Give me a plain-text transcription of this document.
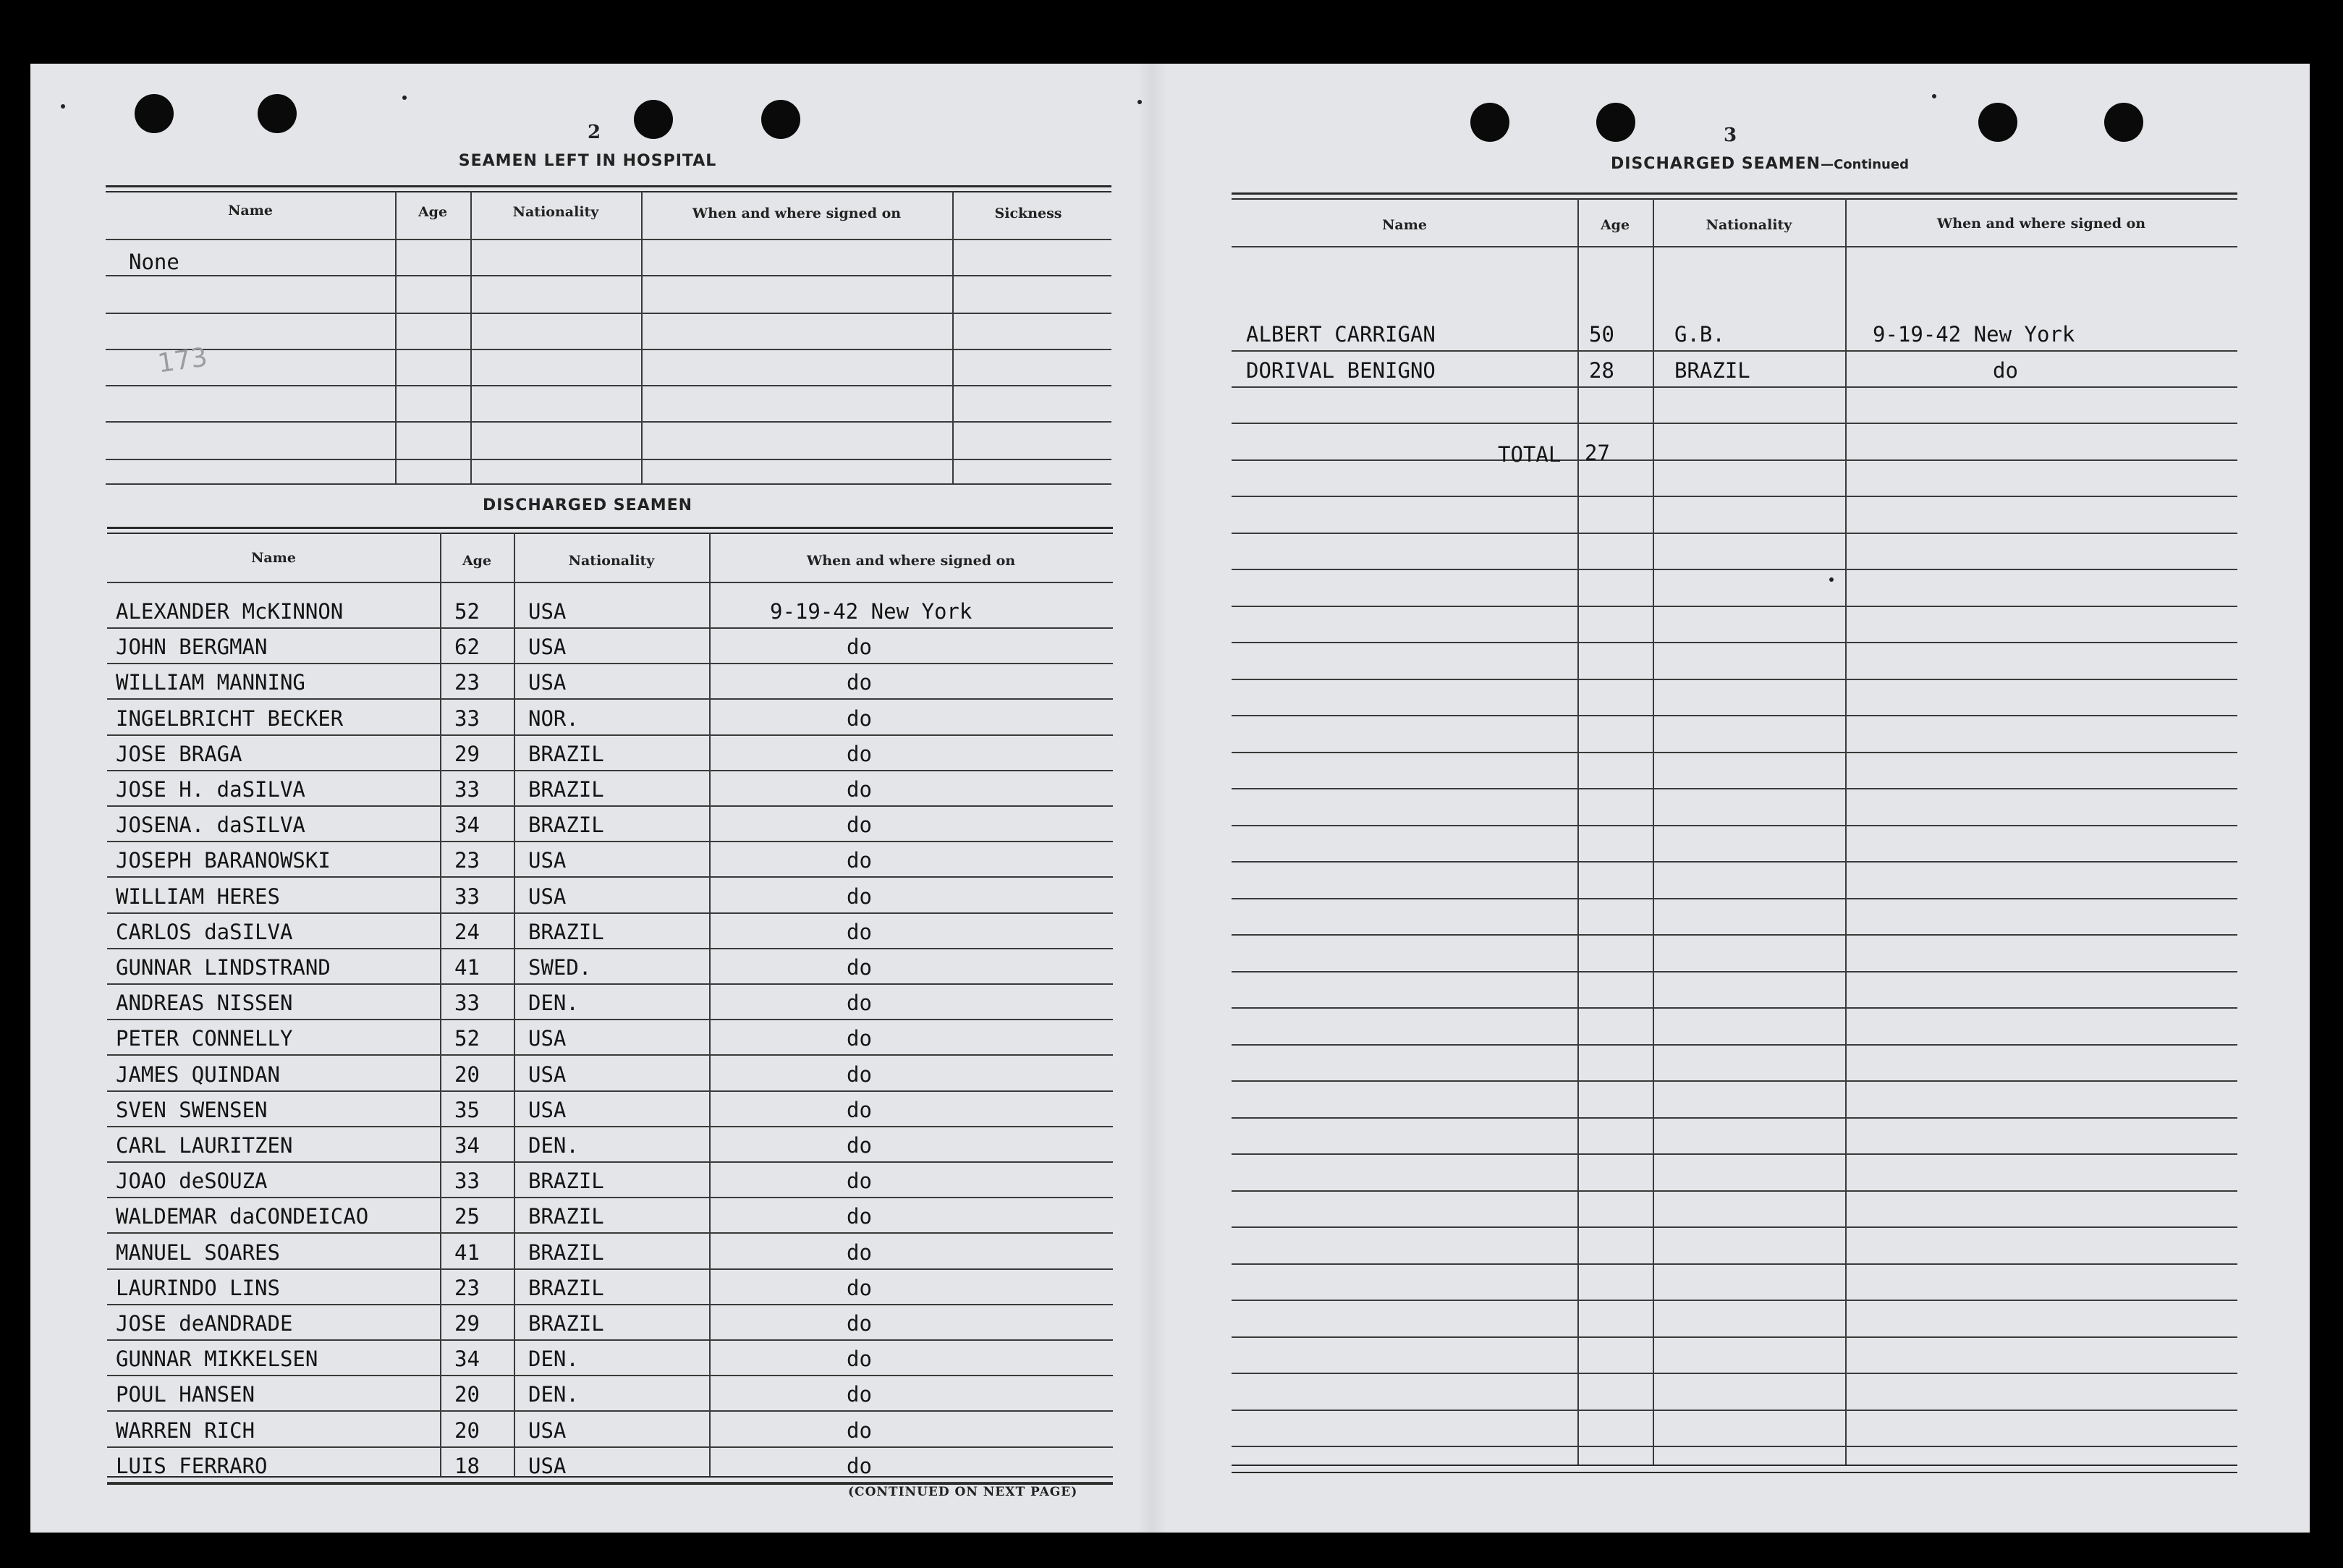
2
SEAMEN LEFT IN HOSPITAL
Name	Age	Nationality	When and where signed on	Sickness
None
173
DISCHARGED SEAMEN
Name	Age	Nationality	When and where signed on
ALEXANDER McKINNON	52 USA	9-19-42 New York
JOHN BERGMAN	62 USA	do
WILLIAM MANNING	23 USA	do
INGELBRICHT BECKER	33 NOR.	do
JOSE BRAGA	29 BRAZIL	do
JOSE H. daSILVA	33 BRAZIL	do
JOSENA. daSILVA	34 BRAZIL	do
JOSEPH BARANOWSKI	23 USA	do
WILLIAM HERES	33 USA	do
CARLOS daSILVA	24 BRAZIL	do
GUNNAR LINDSTRAND	41 SWED.	do
ANDREAS NISSEN	33 DEN.	do
PETER CONNELLY	52 USA	do
JAMES QUINDAN	20 USA	do
SVEN SWENSEN	35 USA	do
CARL LAURITZEN	34 DEN.	do
JOAO deSOUZA	33 BRAZIL	do
WALDEMAR daCONDEICAO	25 BRAZIL	do
MANUEL SOARES	41 BRAZIL	do
LAURINDO LINS	23 BRAZIL	do
JOSE deANDRADE	29 BRAZIL	do
GUNNAR MIKKELSEN	34 DEN.	do
POUL HANSEN	20 DEN.	do
WARREN RICH	20 USA	do
LUIS FERRARO	18 USA	do
(CONTINUED ON NEXT PAGE)
3
DISCHARGED SEAMEN—Continued
Name	Age	Nationality	When and where signed on
ALBERT CARRIGAN	50	G.B.	9-19-42 New York
DORIVAL BENIGNO	28	BRAZIL	do
TOTAL 27
